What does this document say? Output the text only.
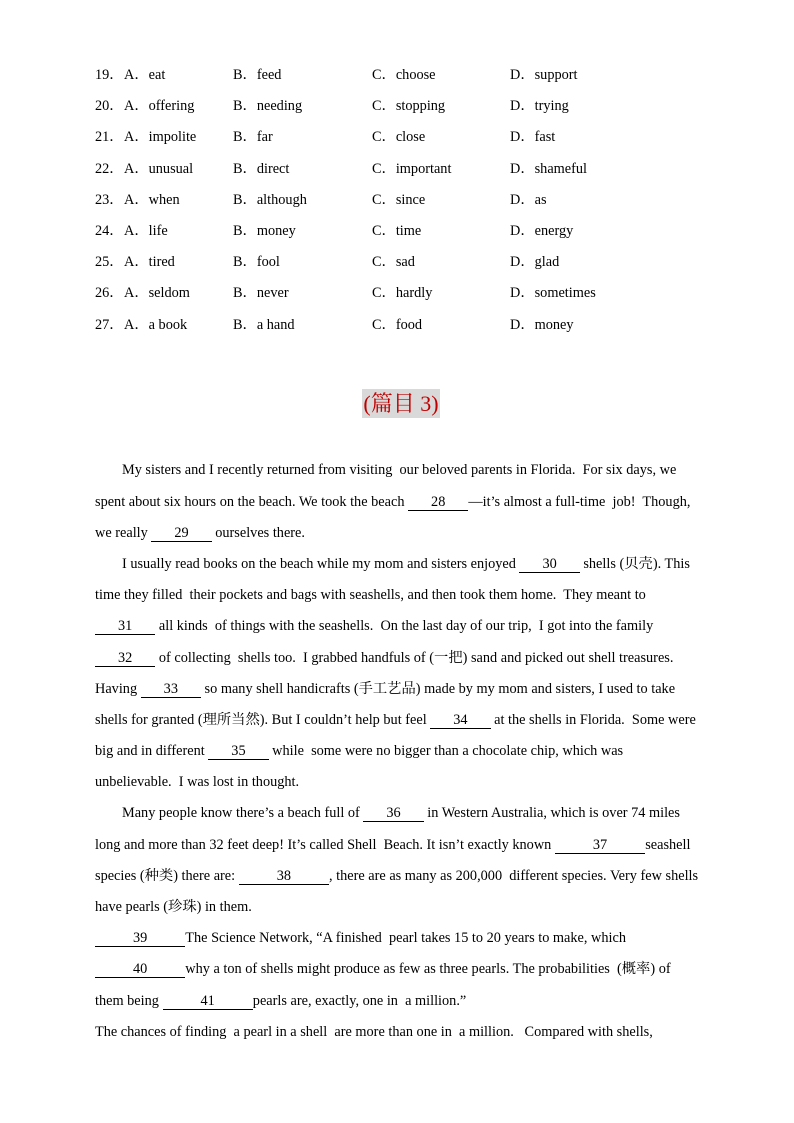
19．A．eat	B．feed	C．choose	D．support
20．A．offering	B．needing	C．stopping	D．trying
21．A．impolite	B．far	C．close	D．fast
22．A．unusual	B．direct	C．important	D．shameful
23．A．when	B．although	C．since	D．as
24．A．life	B．money	C．time	D．energy
25．A．tired	B．fool	C．sad	D．glad
26．A．seldom	B．never	C．hardly	D．sometimes
27．A．a book	B．a hand	C．food	D．money
(篇目 3)
My sisters and I recently returned from visiting  our beloved parents in Florida.  For six days, we
spent about six hours on the beach. We took the beach 28 —it’s almost a full-time  job!  Though,
we really 29 ourselves there.
I usually read books on the beach while my mom and sisters enjoyed 30 shells (贝壳). This
time they filled  their pockets and bags with seashells, and then took them home.  They meant to
31 all kinds  of things with the seashells.  On the last day of our trip,  I got into the family
32 of collecting  shells too.  I grabbed handfuls of (一把) sand and picked out shell treasures.
Having 33 so many shell handicrafts (手工艺品) made by my mom and sisters, I used to take
shells for granted (理所当然). But I couldn’t help but feel 34 at the shells in Florida.  Some were
big and in different 35 while  some were no bigger than a chocolate chip, which was
unbelievable.  I was lost in thought.
Many people know there’s a beach full of 36 in Western Australia, which is over 74 miles
long and more than 32 feet deep! It’s called Shell  Beach. It isn’t exactly known	37	seashell
species (种类) there are:	38	, there are as many as 200,000  different species. Very few shells
have pearls (珍珠) in them.
39	The Science Network, “A finished  pearl takes 15 to 20 years to make, which
40	why a ton of shells might produce as few as three pearls. The probabilities  (概率) of
them being	41	pearls are, exactly, one in  a million.”
The chances of finding  a pearl in a shell  are more than one in  a million.   Compared with shells,
